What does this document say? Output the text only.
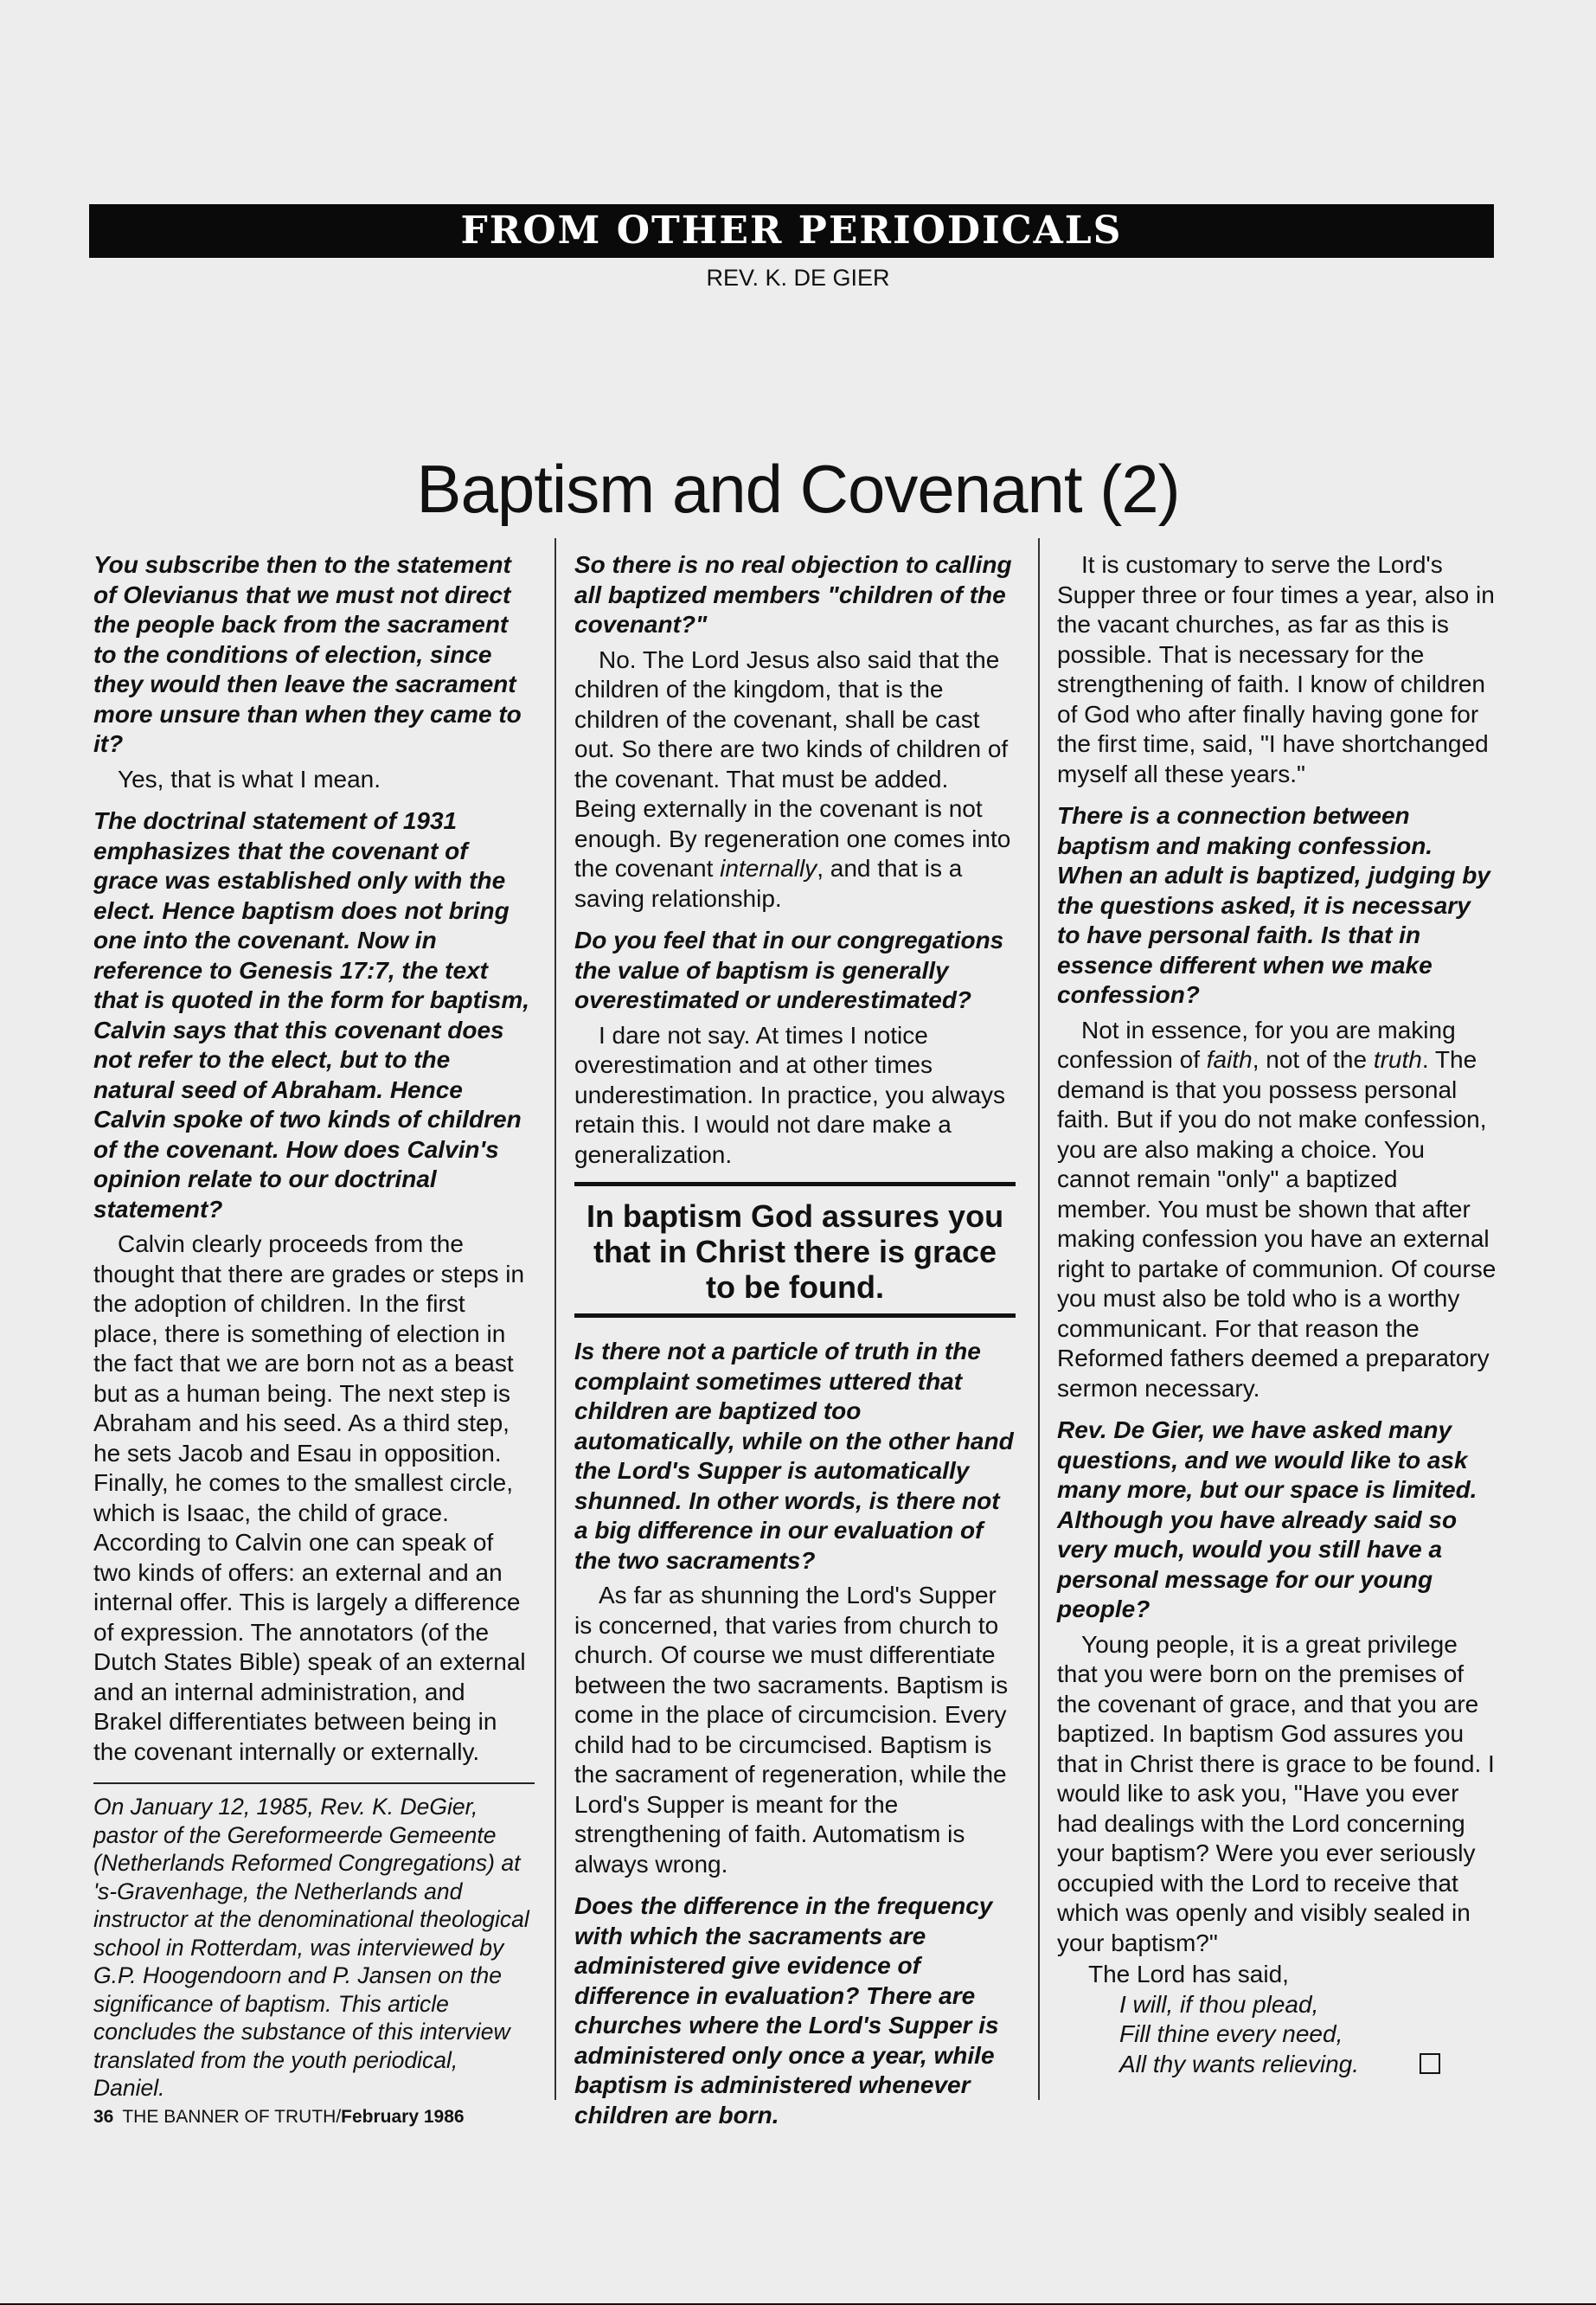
FROM OTHER PERIODICALS
REV. K. DE GIER
Baptism and Covenant (2)

You subscribe then to the statement of Olevianus that we must not direct the people back from the sacrament to the conditions of election, since they would then leave the sacrament more unsure than when they came to it?

Yes, that is what I mean.

The doctrinal statement of 1931 emphasizes that the covenant of grace was established only with the elect. Hence baptism does not bring one into the covenant. Now in reference to Genesis 17:7, the text that is quoted in the form for baptism, Calvin says that this covenant does not refer to the elect, but to the natural seed of Abraham. Hence Calvin spoke of two kinds of children of the covenant. How does Calvin's opinion relate to our doctrinal statement?

Calvin clearly proceeds from the thought that there are grades or steps in the adoption of children. In the first place, there is something of election in the fact that we are born not as a beast but as a human being. The next step is Abraham and his seed. As a third step, he sets Jacob and Esau in opposition. Finally, he comes to the smallest circle, which is Isaac, the child of grace. According to Calvin one can speak of two kinds of offers: an external and an internal offer. This is largely a difference of expression. The annotators (of the Dutch States Bible) speak of an external and an internal administration, and Brakel differentiates between being in the covenant internally or externally.

On January 12, 1985, Rev. K. DeGier, pastor of the Gereformeerde Gemeente (Netherlands Reformed Congregations) at 's-Gravenhage, the Netherlands and instructor at the denominational theological school in Rotterdam, was interviewed by G.P. Hoogendoorn and P. Jansen on the significance of baptism. This article concludes the substance of this interview translated from the youth periodical, Daniel.

So there is no real objection to calling all baptized members "children of the covenant?"

No. The Lord Jesus also said that the children of the kingdom, that is the children of the covenant, shall be cast out. So there are two kinds of children of the covenant. That must be added. Being externally in the covenant is not enough. By regeneration one comes into the covenant internally, and that is a saving relationship.

Do you feel that in our congregations the value of baptism is generally overestimated or underestimated?

I dare not say. At times I notice overestimation and at other times underestimation. In practice, you always retain this. I would not dare make a generalization.

In baptism God assures you that in Christ there is grace to be found.

Is there not a particle of truth in the complaint sometimes uttered that children are baptized too automatically, while on the other hand the Lord's Supper is automatically shunned. In other words, is there not a big difference in our evaluation of the two sacraments?

As far as shunning the Lord's Supper is concerned, that varies from church to church. Of course we must differentiate between the two sacraments. Baptism is come in the place of circumcision. Every child had to be circumcised. Baptism is the sacrament of regeneration, while the Lord's Supper is meant for the strengthening of faith. Automatism is always wrong.

Does the difference in the frequency with which the sacraments are administered give evidence of difference in evaluation? There are churches where the Lord's Supper is administered only once a year, while baptism is administered whenever children are born.

It is customary to serve the Lord's Supper three or four times a year, also in the vacant churches, as far as this is possible. That is necessary for the strengthening of faith. I know of children of God who after finally having gone for the first time, said, "I have shortchanged myself all these years."

There is a connection between baptism and making confession. When an adult is baptized, judging by the questions asked, it is necessary to have personal faith. Is that in essence different when we make confession?

Not in essence, for you are making confession of faith, not of the truth. The demand is that you possess personal faith. But if you do not make confession, you are also making a choice. You cannot remain "only" a baptized member. You must be shown that after making confession you have an external right to partake of communion. Of course you must also be told who is a worthy communicant. For that reason the Reformed fathers deemed a preparatory sermon necessary.

Rev. De Gier, we have asked many questions, and we would like to ask many more, but our space is limited. Although you have already said so very much, would you still have a personal message for our young people?

Young people, it is a great privilege that you were born on the premises of the covenant of grace, and that you are baptized. In baptism God assures you that in Christ there is grace to be found. I would like to ask you, "Have you ever had dealings with the Lord concerning your baptism? Were you ever seriously occupied with the Lord to receive that which was openly and visibly sealed in your baptism?"

The Lord has said,

I will, if thou plead,

Fill thine every need,

All thy wants relieving.

36 THE BANNER OF TRUTH/February 1986
